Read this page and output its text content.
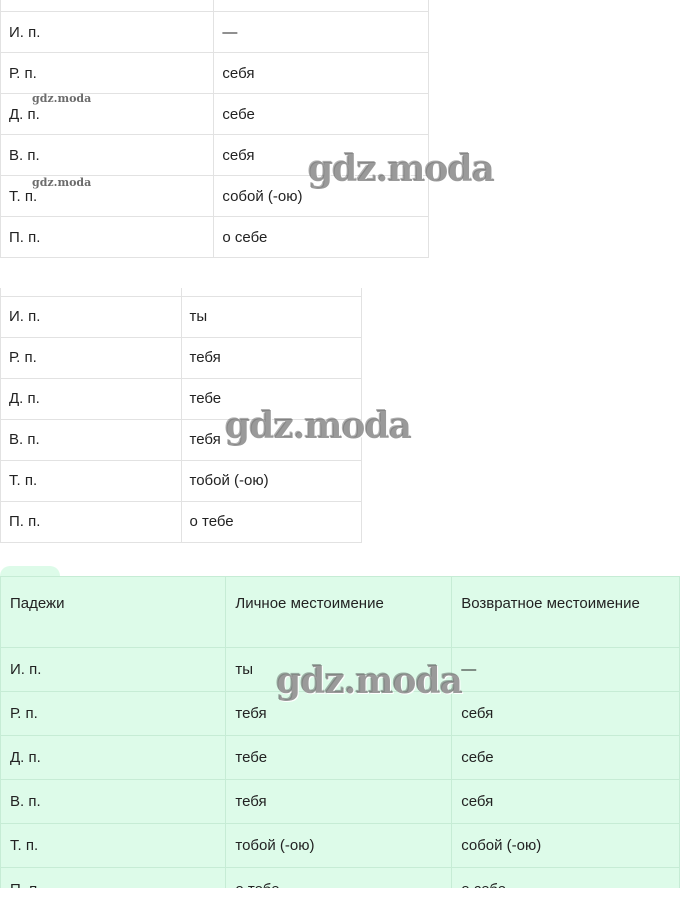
И. п.	—
Р. п.	себя
Д. п.	себе
В. п.	себя
Т. п.	собой (-ою)
П. п.	о себе

И. п.	ты
Р. п.	тебя
Д. п.	тебе
В. п.	тебя
Т. п.	тобой (-ою)
П. п.	о тебе
Падежи	Личное местоимение	Возвратное местоимение
И. п.	ты	—
Р. п.	тебя	себя
Д. п.	тебе	себе
В. п.	тебя	себя
Т. п.	тобой (-ою)	собой (-ою)

gdz.moda
gdz.moda	gdz.moda
gdz.moda
gdz.moda
